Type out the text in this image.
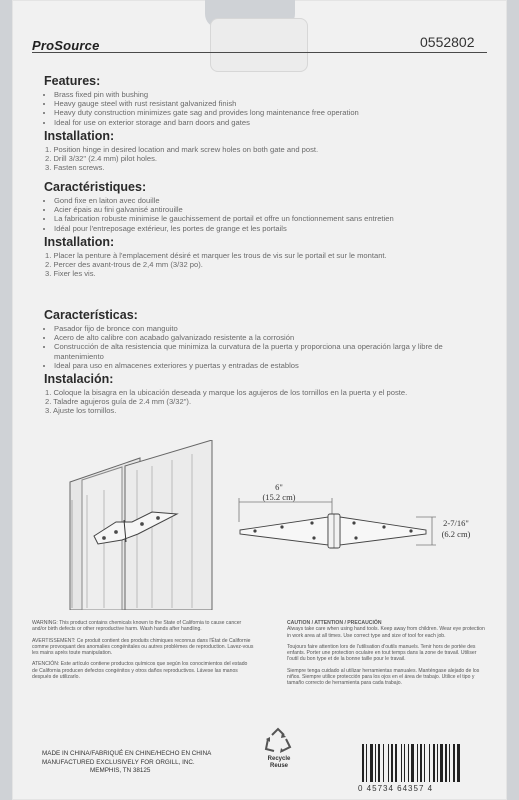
ProSource	0552802
Features:
• Brass fixed pin with bushing
• Heavy gauge steel with rust resistant galvanized finish
• Heavy duty construction minimizes gate sag and provides long maintenance free operation
• Ideal for use on exterior storage and barn doors and gates
Installation:
1. Position hinge in desired location and mark screw holes on both gate and post.
2. Drill 3/32" (2.4 mm) pilot holes.
3. Fasten screws.
Caractéristiques:
• Gond fixe en laiton avec douille
• Acier épais au fini galvanisé antirouille
• La fabrication robuste minimise le gauchissement de portail et offre un fonctionnement sans entretien
• Idéal pour l'entreposage extérieur, les portes de grange et les portails
Installation:
1. Placer la penture à l'emplacement désiré et marquer les trous de vis sur le portail et sur le montant.
2. Percer des avant-trous de 2,4 mm (3/32 po).
3. Fixer les vis.
Características:
• Pasador fijo de bronce con manguito
• Acero de alto calibre con acabado galvanizado resistente a la corrosión
• Construcción de alta resistencia que minimiza la curvatura de la puerta y proporciona una operación larga y libre de mantenimiento
• Ideal para uso en almacenes exteriores y puertas y entradas de establos
Instalación:
1. Coloque la bisagra en la ubicación deseada y marque los agujeros de los tornillos en la puerta y el poste.
2. Taladre agujeros guía de 2.4 mm (3/32").
3. Ajuste los tornillos.
6"
(15.2 cm)
2-7/16"
(6.2 cm)
WARNING: This product contains chemicals known to the State of California to cause cancer and/or birth defects or other reproductive harm. Wash hands after handling.
AVERTISSEMENT: Ce produit contient des produits chimiques reconnus dans l'État de Californie comme provoquant des anomalies congénitales ou autres problèmes de reproduction. Lavez-vous les mains après toute manipulation.
ATENCIÓN: Este artículo contiene productos químicos que según los conocimientos del estado de California producen defectos congénitos y otros daños reproductivos. Lávese las manos después de utilizarlo.
CAUTION / ATTENTION / PRECAUCIÓN
Always take care when using hand tools. Keep away from children. Wear eye protection in work area at all times. Use correct type and size of tool for each job.
Toujours faire attention lors de l'utilisation d'outils manuels. Tenir hors de portée des enfants. Porter une protection oculaire en tout temps dans la zone de travail. Utiliser l'outil du bon type et de la bonne taille pour le travail.
Siempre tenga cuidado al utilizar herramientas manuales. Manténgase alejado de los niños. Siempre utilice protección para los ojos en el área de trabajo. Utilice el tipo y tamaño correcto de herramienta para cada trabajo.
MADE IN CHINA/FABRIQUÉ EN CHINE/HECHO EN CHINA
MANUFACTURED EXCLUSIVELY FOR ORGILL, INC.
MEMPHIS, TN 38125
Recycle
Reuse
0 45734 64357 4
